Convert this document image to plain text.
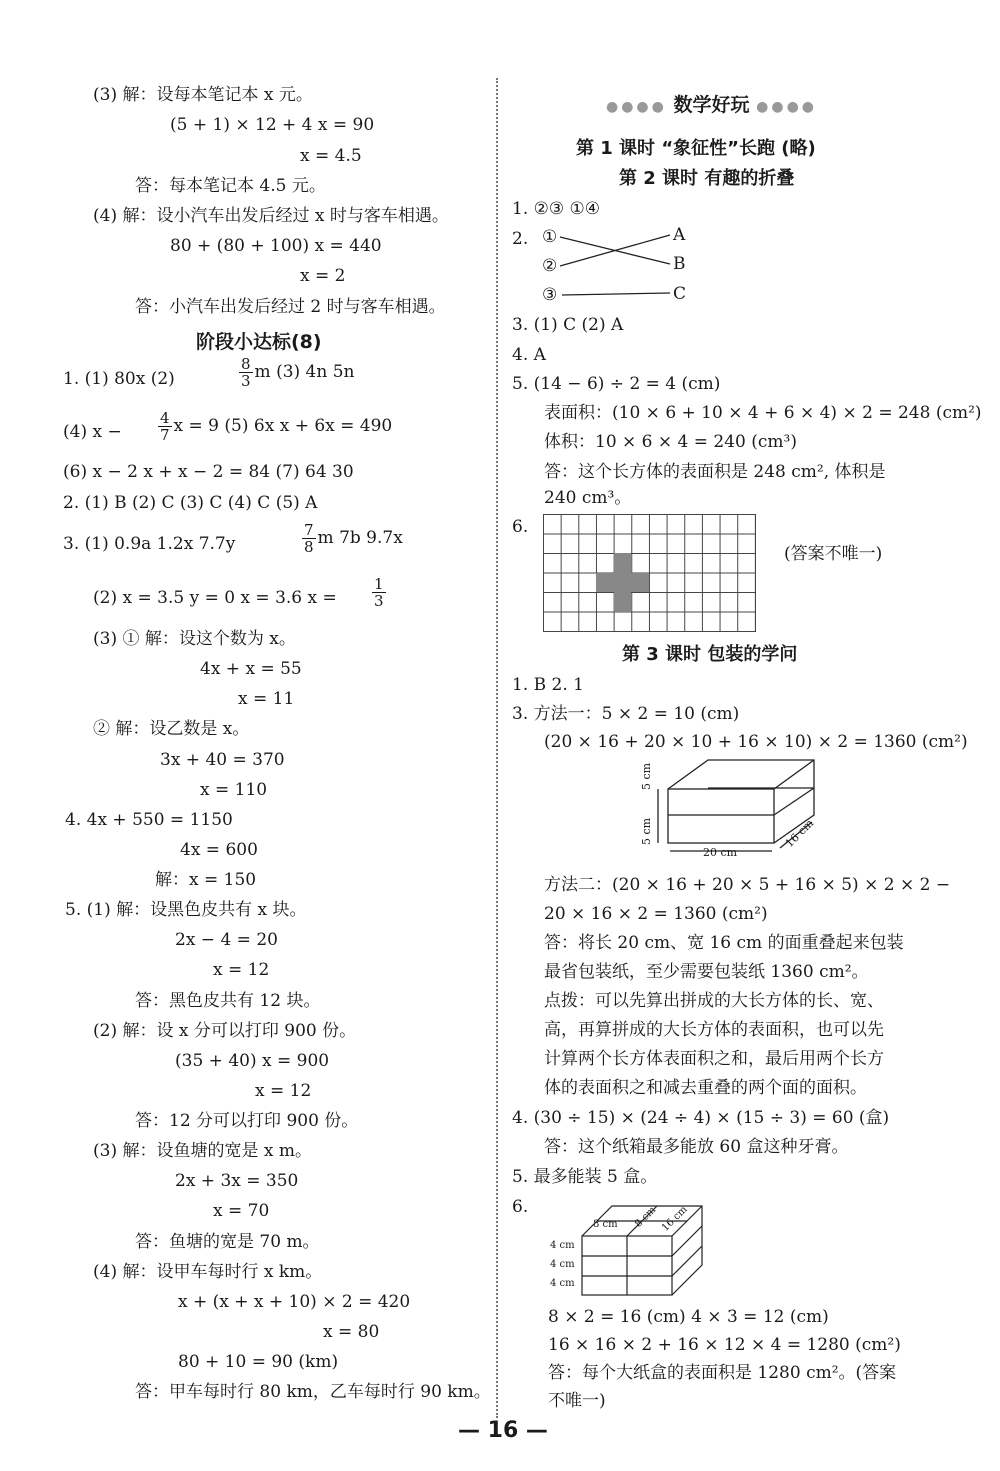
(3) 解：设每本笔记本 x 元。
(5 + 1) × 12 + 4 x = 90
x = 4.5
答：每本笔记本 4.5 元。
(4) 解：设小汽车出发后经过 x 时与客车相遇。
80 + (80 + 100) x = 440
x = 2
答：小汽车出发后经过 2 时与客车相遇。
1. (1) 80x (2)
(4) x −
(6) x − 2 x + x − 2 = 84 (7) 64 30
2. (1) B (2) C (3) C (4) C (5) A
3. (1) 0.9a 1.2x 7.7y
(2) x = 3.5 y = 0 x = 3.6 x =
(3) ① 解：设这个数为 x。
4x + x = 55
x = 11
② 解：设乙数是 x。
3x + 40 = 370
x = 110
4. 4x + 550 = 1150
4x = 600
解：x = 150
5. (1) 解：设黑色皮共有 x 块。
2x − 4 = 20
x = 12
答：黑色皮共有 12 块。
(2) 解：设 x 分可以打印 900 份。
(35 + 40) x = 900
x = 12
答：12 分可以打印 900 份。
(3) 解：设鱼塘的宽是 x m。
2x + 3x = 350
x = 70
答：鱼塘的宽是 70 m。
(4) 解：设甲车每时行 x km。
x + (x + x + 10) × 2 = 420
x = 80
80 + 10 = 90 (km)
答：甲车每时行 80 km，乙车每时行 90 km。
1. ②③ ①④
2.
3. (1) C (2) A
4. A
5. (14 − 6) ÷ 2 = 4 (cm)
答：这个长方体的表面积是 248 cm², 体积是
240 cm³。
6.
(答案不唯一)
1. B 2. 1
3. 方法一：5 × 2 = 10 (cm)
(20 × 16 + 20 × 10 + 16 × 10) × 2 = 1360 (cm²)
方法二：(20 × 16 + 20 × 5 + 16 × 5) × 2 × 2 −
20 × 16 × 2 = 1360 (cm²)
答：将长 20 cm、宽 16 cm 的面重叠起来包装
最省包装纸，至少需要包装纸 1360 cm²。
点拨：可以先算出拼成的大长方体的长、宽、
高，再算拼成的大长方体的表面积，也可以先
计算两个长方体表面积之和，最后用两个长方
体的表面积之和减去重叠的两个面的面积。
4. (30 ÷ 15) × (24 ÷ 4) × (15 ÷ 3) = 60 (盒)
答：这个纸箱最多能放 60 盒这种牙膏。
5. 最多能装 5 盒。
6.
8 × 2 = 16 (cm) 4 × 3 = 12 (cm)
16 × 16 × 2 + 16 × 12 × 4 = 1280 (cm²)
答：每个大纸盒的表面积是 1280 cm²。(答案
不唯一)
阶段小达标(8)
●●●● 数学好玩 ●●●●
第 1 课时 “象征性”长跑 (略)
第 2 课时 有趣的折叠
第 3 课时 包装的学问
$\frac{8}{3}$ m (3) 4n 5n
$\frac{4}{7}$ x = 9 (5) 6x x + 6x = 490
$\frac{7}{8}$ m 7b 9.7x
$\frac{1}{3}$
表面积：(10 × 6 + 10 × 4 + 6 × 4) × 2 = 248 (cm²)
体积：10 × 6 × 4 = 240 (cm³)
①
②
③
A
B
C
5 cm
5 cm
20 cm
16 cm
8 cm 8 cm 16 cm
4 cm
4 cm
4 cm
— 16 —
